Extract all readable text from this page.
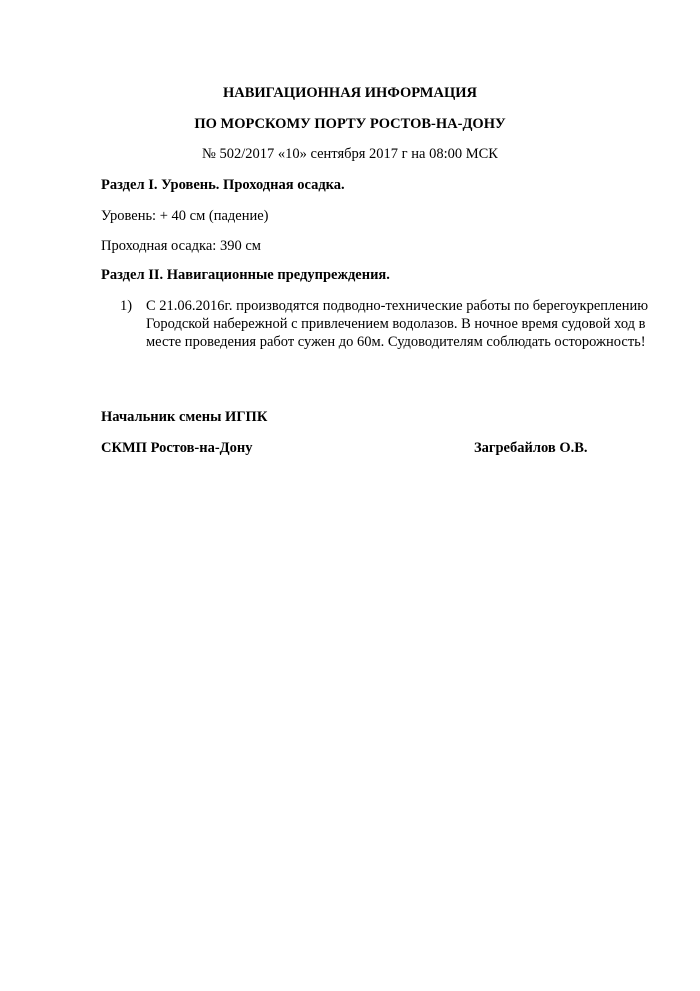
НАВИГАЦИОННАЯ ИНФОРМАЦИЯ
ПО МОРСКОМУ ПОРТУ РОСТОВ-НА-ДОНУ
№ 502/2017 «10» сентября 2017 г на 08:00 МСК
Раздел I. Уровень. Проходная осадка.
Уровень: + 40 см (падение)
Проходная осадка: 390 см
Раздел II. Навигационные предупреждения.
1) С 21.06.2016г. производятся подводно-технические работы по берегоукреплению
Городской набережной с привлечением водолазов. В ночное время судовой ход в
месте проведения работ сужен до 60м. Судоводителям соблюдать осторожность!
Начальник смены ИГПК
СКМП Ростов-на-Дону	Загребайлов О.В.
